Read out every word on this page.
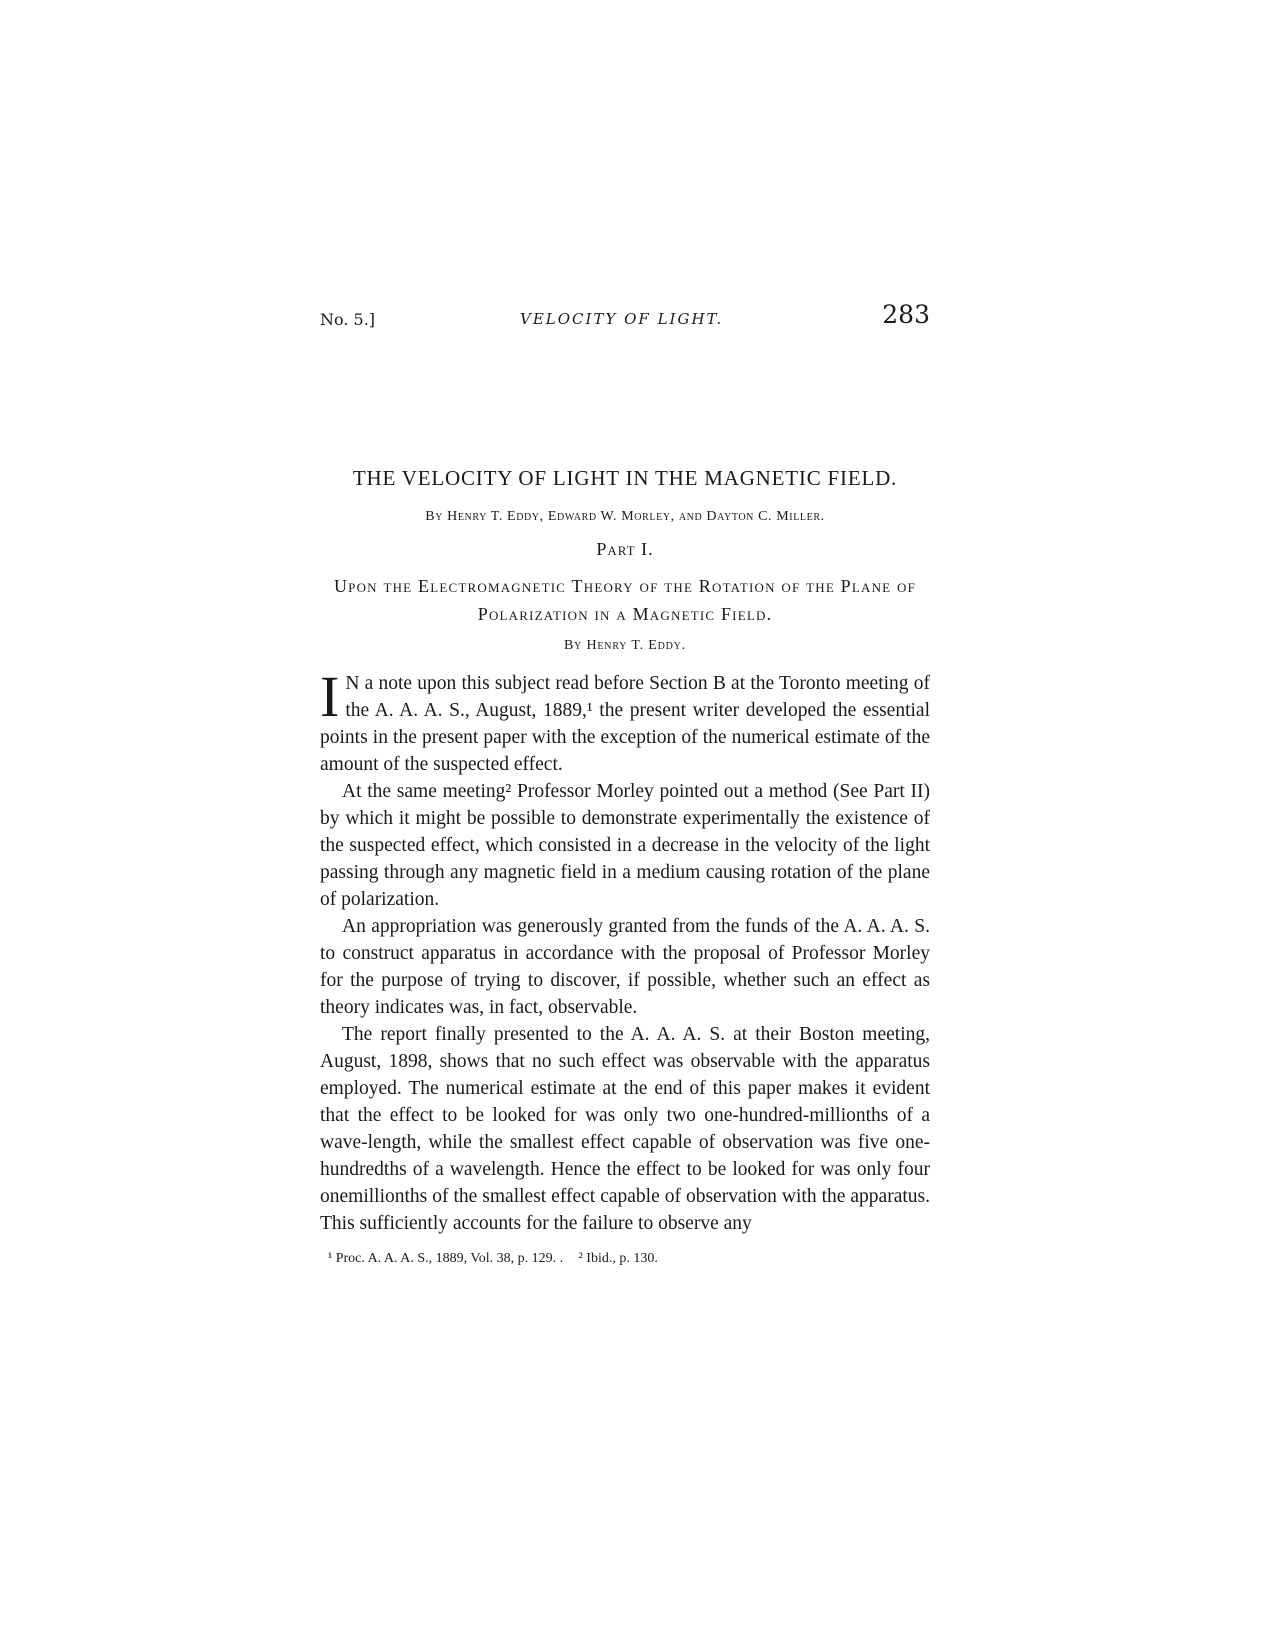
No. 5.]	VELOCITY OF LIGHT.	283
THE VELOCITY OF LIGHT IN THE MAGNETIC FIELD.
By Henry T. Eddy, Edward W. Morley, and Dayton C. Miller.
Part I.
Upon the Electromagnetic Theory of the Rotation of the Plane of Polarization in a Magnetic Field.
By Henry T. Eddy.

I N a note upon this subject read before Section B at the Toronto meeting of the A. A. A. S., August, 1889,¹ the present writer developed the essential points in the present paper with the exception of the numerical estimate of the amount of the suspected effect.

At the same meeting² Professor Morley pointed out a method (See Part II) by which it might be possible to demonstrate experimentally the existence of the suspected effect, which consisted in a decrease in the velocity of the light passing through any magnetic field in a medium causing rotation of the plane of polarization.

An appropriation was generously granted from the funds of the A. A. A. S. to construct apparatus in accordance with the proposal of Professor Morley for the purpose of trying to discover, if possible, whether such an effect as theory indicates was, in fact, observable.

The report finally presented to the A. A. A. S. at their Boston meeting, August, 1898, shows that no such effect was observable with the apparatus employed. The numerical estimate at the end of this paper makes it evident that the effect to be looked for was only two one-hundred-millionths of a wave-length, while the smallest effect capable of observation was five one-hundredths of a wavelength. Hence the effect to be looked for was only four onemillionths of the smallest effect capable of observation with the apparatus. This sufficiently accounts for the failure to observe any

¹ Proc. A. A. A. S., 1889, Vol. 38, p. 129. . ² Ibid., p. 130.
